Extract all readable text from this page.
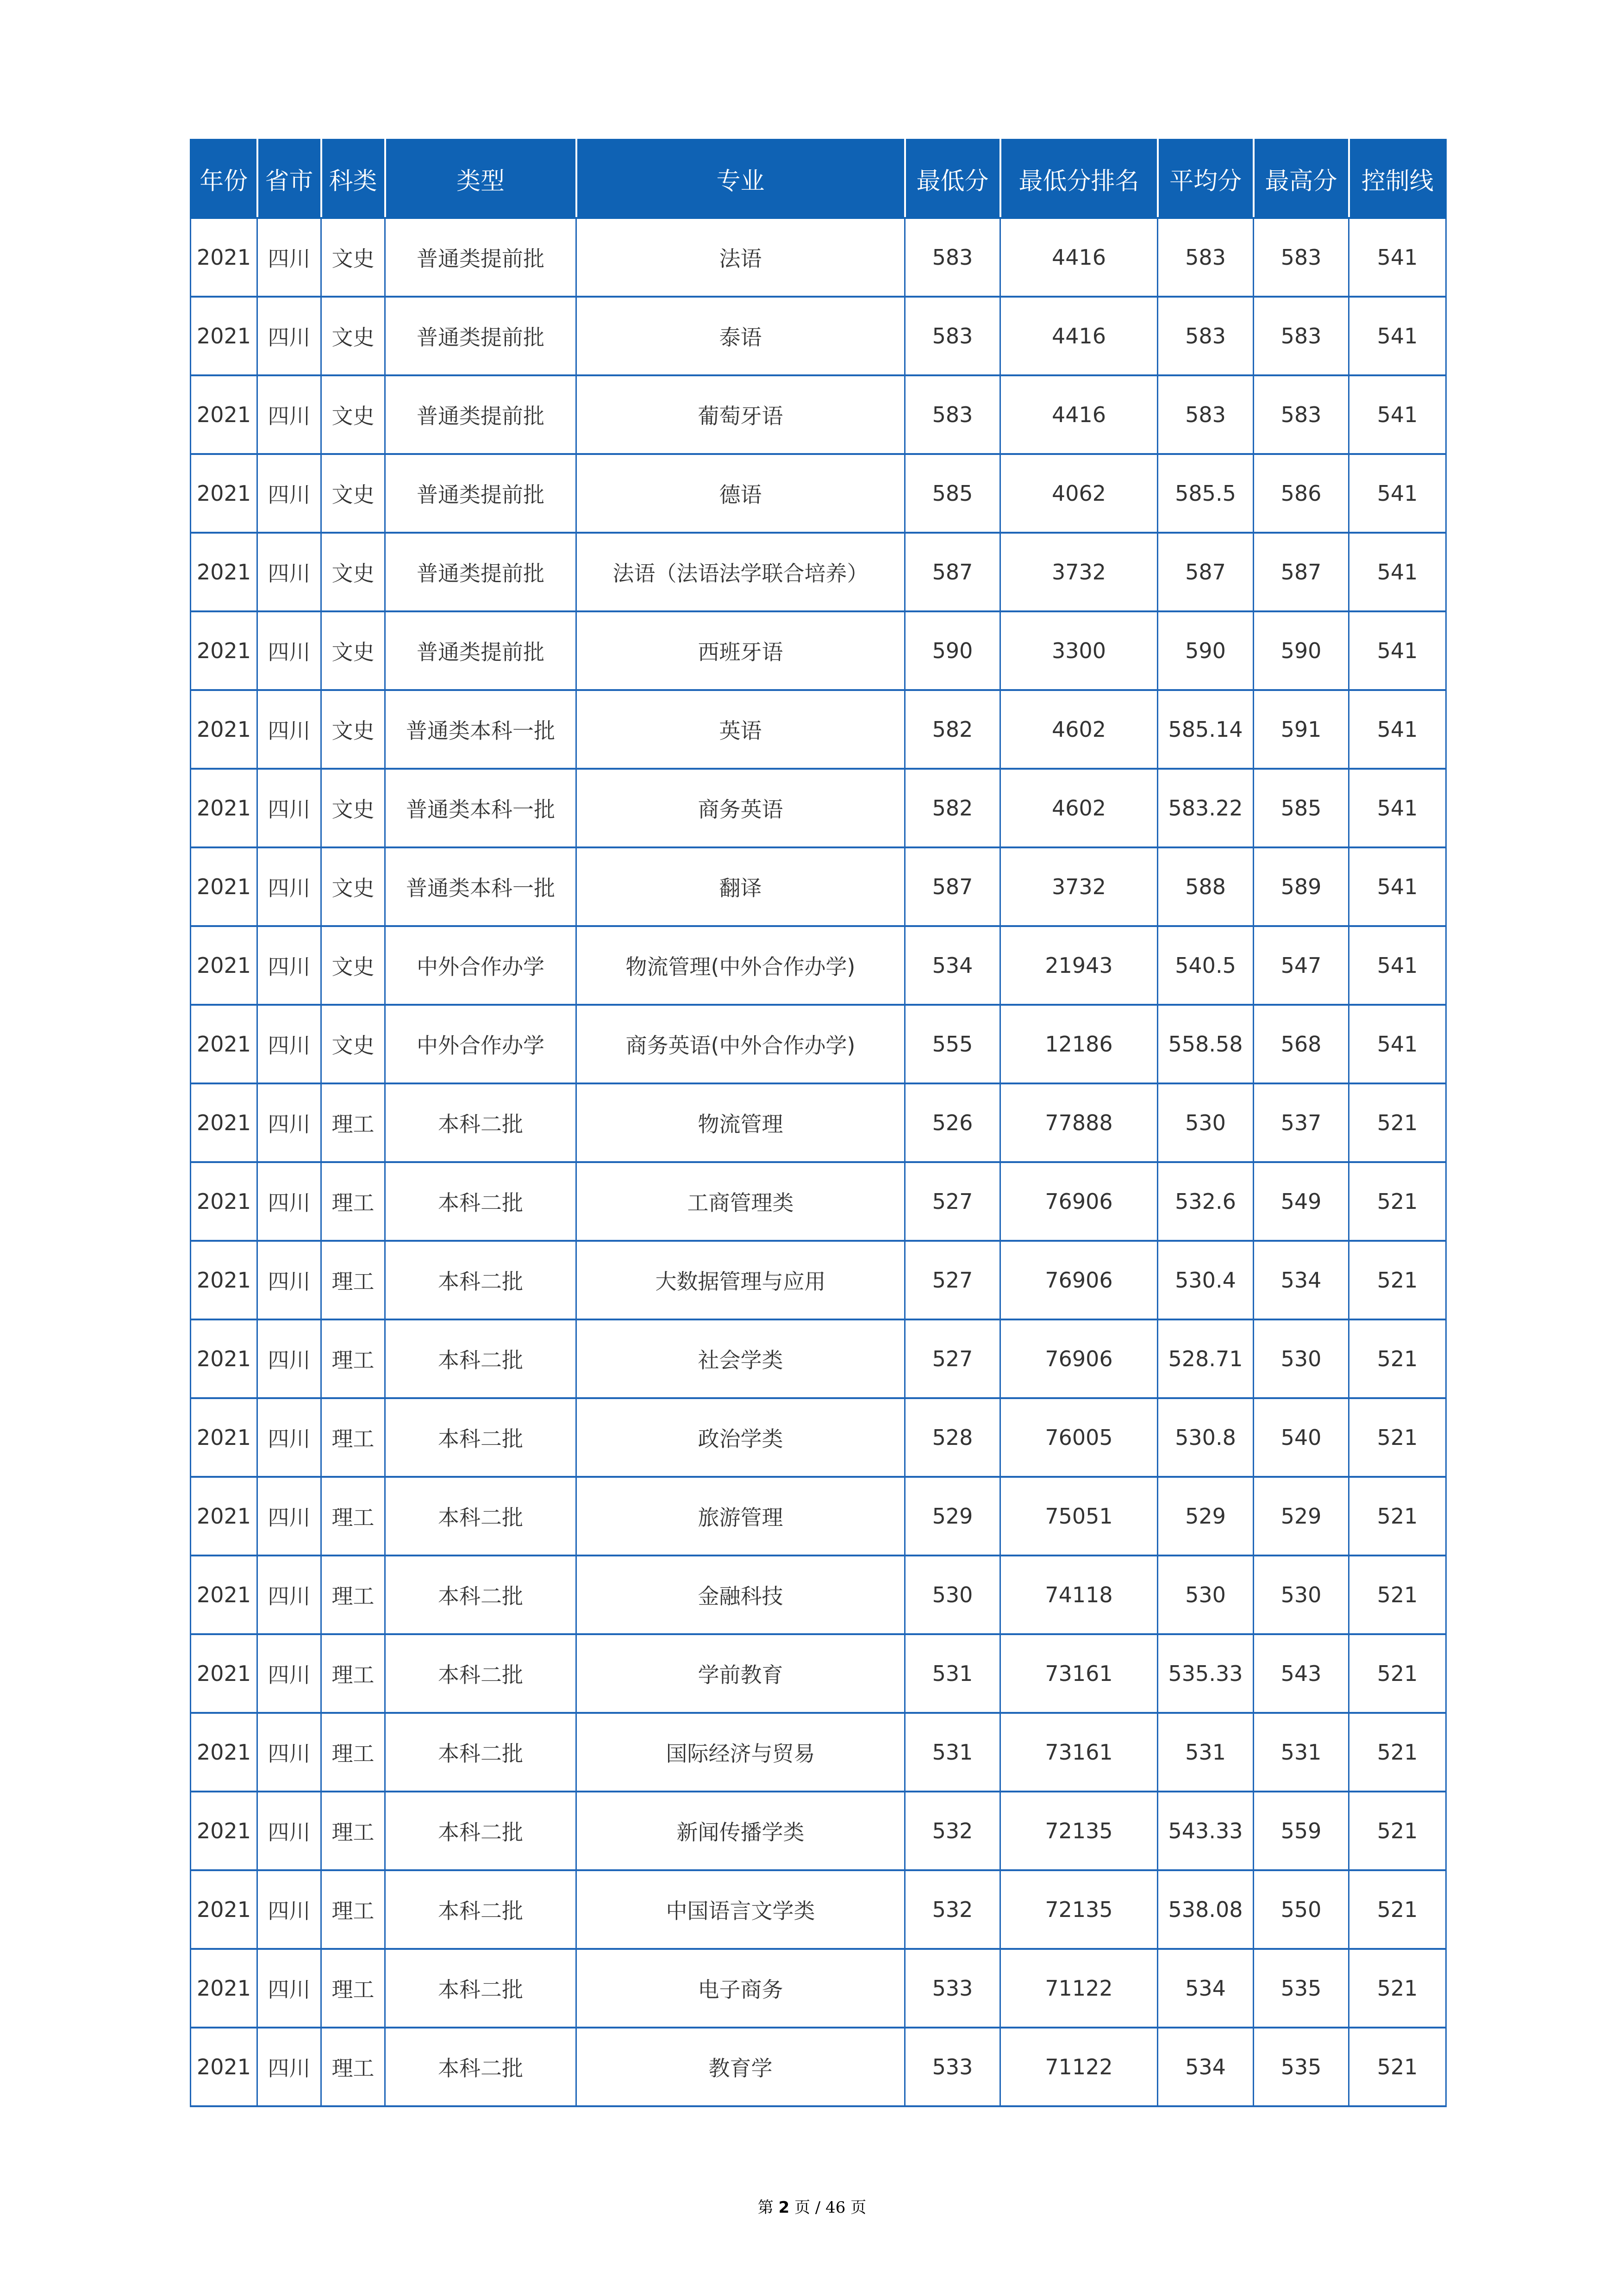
年份	省市	科类	类型	专业	最低分	最低分排名	平均分	最高分	控制线
2021	四川	文史	普通类提前批	法语	583	4416	583	583	541
2021	四川	文史	普通类提前批	泰语	583	4416	583	583	541
2021	四川	文史	普通类提前批	葡萄牙语	583	4416	583	583	541
2021	四川	文史	普通类提前批	德语	585	4062	585.5	586	541
2021	四川	文史	普通类提前批	法语（法语法学联合培养）	587	3732	587	587	541
2021	四川	文史	普通类提前批	西班牙语	590	3300	590	590	541
2021	四川	文史	普通类本科一批	英语	582	4602	585.14	591	541
2021	四川	文史	普通类本科一批	商务英语	582	4602	583.22	585	541
2021	四川	文史	普通类本科一批	翻译	587	3732	588	589	541
2021	四川	文史	中外合作办学	物流管理(中外合作办学)	534	21943	540.5	547	541
2021	四川	文史	中外合作办学	商务英语(中外合作办学)	555	12186	558.58	568	541
2021	四川	理工	本科二批	物流管理	526	77888	530	537	521
2021	四川	理工	本科二批	工商管理类	527	76906	532.6	549	521
2021	四川	理工	本科二批	大数据管理与应用	527	76906	530.4	534	521
2021	四川	理工	本科二批	社会学类	527	76906	528.71	530	521
2021	四川	理工	本科二批	政治学类	528	76005	530.8	540	521
2021	四川	理工	本科二批	旅游管理	529	75051	529	529	521
2021	四川	理工	本科二批	金融科技	530	74118	530	530	521
2021	四川	理工	本科二批	学前教育	531	73161	535.33	543	521
2021	四川	理工	本科二批	国际经济与贸易	531	73161	531	531	521
2021	四川	理工	本科二批	新闻传播学类	532	72135	543.33	559	521
2021	四川	理工	本科二批	中国语言文学类	532	72135	538.08	550	521
2021	四川	理工	本科二批	电子商务	533	71122	534	535	521
2021	四川	理工	本科二批	教育学	533	71122	534	535	521
第 2 页 / 46 页
